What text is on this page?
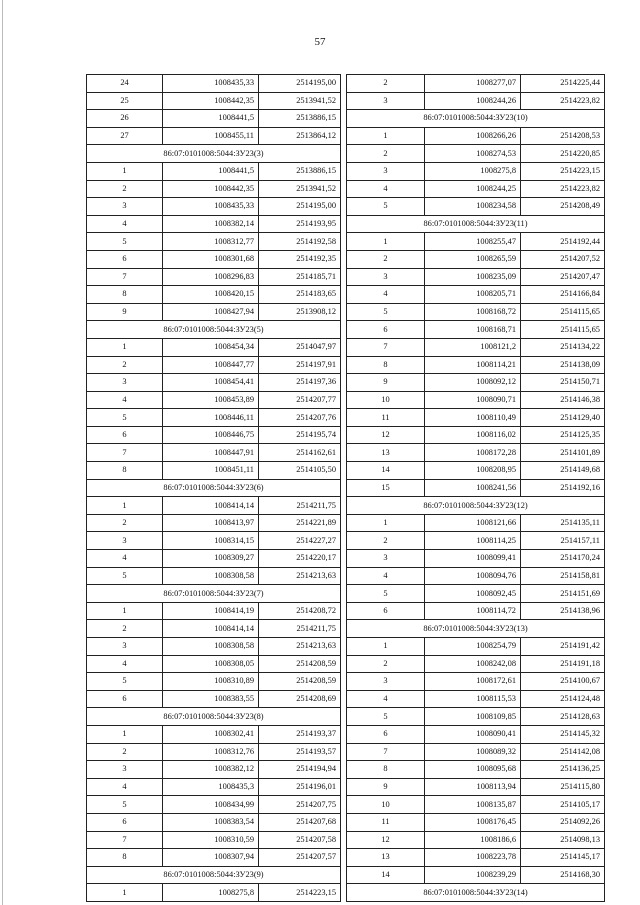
57
24	1008435,33	2514195,00
25	1008442,35	2513941,52
26	1008441,5	2513886,15
27	1008455,11	2513864,12
86:07:0101008:5044:ЗУ23(3)		
1	1008441,5	2513886,15
2	1008442,35	2513941,52
3	1008435,33	2514195,00
4	1008382,14	2514193,95
5	1008312,77	2514192,58
6	1008301,68	2514192,35
7	1008296,83	2514185,71
8	1008420,15	2514183,65
9	1008427,94	2513908,12
86:07:0101008:5044:ЗУ23(5)		
1	1008454,34	2514047,97
2	1008447,77	2514197,91
3	1008454,41	2514197,36
4	1008453,89	2514207,77
5	1008446,11	2514207,76
6	1008446,75	2514195,74
7	1008447,91	2514162,61
8	1008451,11	2514105,50
86:07:0101008:5044:ЗУ23(6)		
1	1008414,14	2514211,75
2	1008413,97	2514221,89
3	1008314,15	2514227,27
4	1008309,27	2514220,17
5	1008308,58	2514213,63
86:07:0101008:5044:ЗУ23(7)		
1	1008414,19	2514208,72
2	1008414,14	2514211,75
3	1008308,58	2514213,63
4	1008308,05	2514208,59
5	1008310,89	2514208,59
6	1008383,55	2514208,69
86:07:0101008:5044:ЗУ23(8)		
1	1008302,41	2514193,37
2	1008312,76	2514193,57
3	1008382,12	2514194,94
4	1008435,3	2514196,01
5	1008434,99	2514207,75
6	1008383,54	2514207,68
7	1008310,59	2514207,58
8	1008307,94	2514207,57
86:07:0101008:5044:ЗУ23(9)		
1	1008275,8	2514223,15
2	1008277,07	2514225,44
3	1008244,26	2514223,82
86:07:0101008:5044:ЗУ23(10)		
1	1008266,26	2514208,53
2	1008274,53	2514220,85
3	1008275,8	2514223,15
4	1008244,25	2514223,82
5	1008234,58	2514208,49
86:07:0101008:5044:ЗУ23(11)		
1	1008255,47	2514192,44
2	1008265,59	2514207,52
3	1008235,09	2514207,47
4	1008205,71	2514166,84
5	1008168,72	2514115,65
6	1008168,71	2514115,65
7	1008121,2	2514134,22
8	1008114,21	2514138,09
9	1008092,12	2514150,71
10	1008090,71	2514146,38
11	1008110,49	2514129,40
12	1008116,02	2514125,35
13	1008172,28	2514101,89
14	1008208,95	2514149,68
15	1008241,56	2514192,16
86:07:0101008:5044:ЗУ23(12)		
1	1008121,66	2514135,11
2	1008114,25	2514157,11
3	1008099,41	2514170,24
4	1008094,76	2514158,81
5	1008092,45	2514151,69
6	1008114,72	2514138,96
86:07:0101008:5044:ЗУ23(13)		
1	1008254,79	2514191,42
2	1008242,08	2514191,18
3	1008172,61	2514100,67
4	1008115,53	2514124,48
5	1008109,85	2514128,63
6	1008090,41	2514145,32
7	1008089,32	2514142,08
8	1008095,68	2514136,25
9	1008113,94	2514115,80
10	1008135,87	2514105,17
11	1008176,45	2514092,26
12	1008186,6	2514098,13
13	1008223,78	2514145,17
14	1008239,29	2514168,30
86:07:0101008:5044:ЗУ23(14)		
